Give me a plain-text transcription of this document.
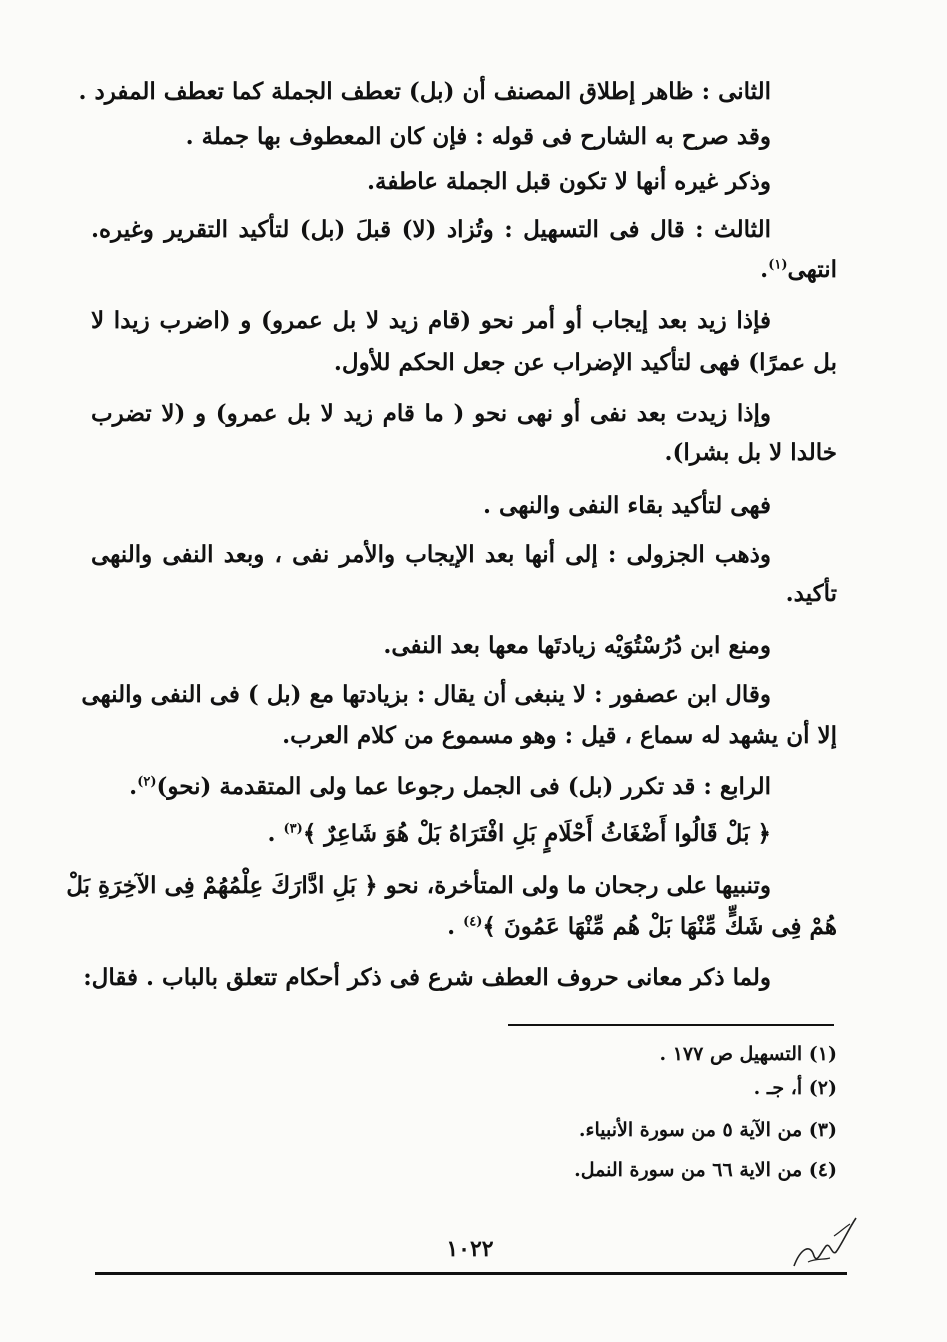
الثانى : ظاهر إطلاق المصنف أن (بل) تعطف الجملة كما تعطف المفرد .

وقد صرح به الشارح فى قوله : فإن كان المعطوف بها جملة .

وذكر غيره أنها لا تكون قبل الجملة عاطفة.

الثالث : قال فى التسهيل : وتُزاد (لا) قبلَ (بل) لتأكيد التقرير وغيره.

انتهى$^{(١)}$.

فإذا زيد بعد إيجاب أو أمر نحو (قام زيد لا بل عمرو) و (اضرب زيدا لا

بل عمرًا) فهى لتأكيد الإضراب عن جعل الحكم للأول.

وإذا زيدت بعد نفى أو نهى نحو ( ما قام زيد لا بل عمرو) و (لا تضرب

خالدا لا بل بشرا).

فهى لتأكيد بقاء النفى والنهى .

وذهب الجزولى : إلى أنها بعد الإيجاب والأمر نفى ، وبعد النفى والنهى

تأكيد.

ومنع ابن دُرُسْتُوَيْه زيادتَها معها بعد النفى.

وقال ابن عصفور : لا ينبغى أن يقال : بزيادتها مع (بل ) فى النفى والنهى

إلا أن يشهد له سماع ، قيل : وهو مسموع من كلام العرب.

الرابع : قد تكرر (بل) فى الجمل رجوعا عما ولى المتقدمة (نحو)$^{(٢)}$.

﴿ بَلْ قَالُوا أَضْغَاثُ أَحْلَامٍ بَلِ افْتَرَاهُ بَلْ هُوَ شَاعِرٌ ﴾$^{(٣)}$ .

وتنبيها على رجحان ما ولى المتأخرة، نحو ﴿ بَلِ ادَّارَكَ عِلْمُهُمْ فِى الآخِرَةِ بَلْ

هُمْ فِى شَكٍّ مِّنْهَا بَلْ هُم مِّنْهَا عَمُونَ ﴾$^{(٤)}$ .

ولما ذكر معانى حروف العطف شرع فى ذكر أحكام تتعلق بالباب . فقال:

(١) التسهيل ص ١٧٧ .

(٢) أ، جـ .

(٣) من الآية ٥ من سورة الأنبياء.

(٤) من الاية ٦٦ من سورة النمل.

١٠٢٢
